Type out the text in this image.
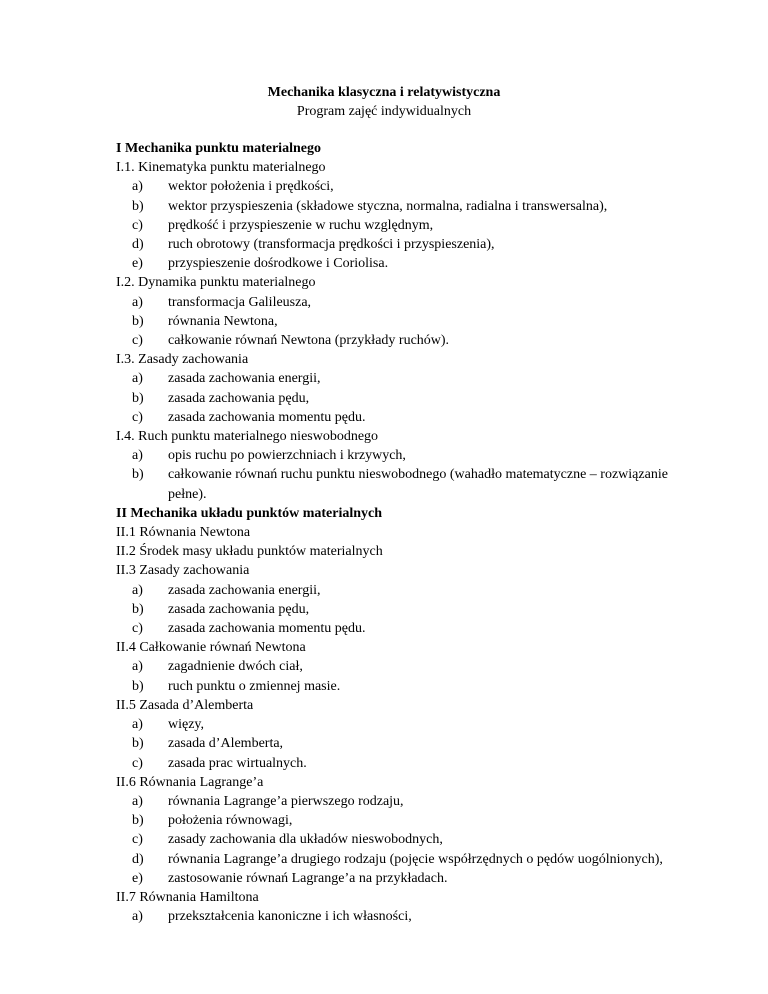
Mechanika klasyczna i relatywistyczna
Program zajęć indywidualnych
I Mechanika punktu materialnego
I.1. Kinematyka punktu materialnego
a) wektor położenia i prędkości,
b) wektor przyspieszenia (składowe styczna, normalna, radialna i transwersalna),
c) prędkość i przyspieszenie w ruchu względnym,
d) ruch obrotowy (transformacja prędkości i przyspieszenia),
e) przyspieszenie dośrodkowe i Coriolisa.
I.2. Dynamika punktu materialnego
a) transformacja Galileusza,
b) równania Newtona,
c) całkowanie równań Newtona (przykłady ruchów).
I.3. Zasady zachowania
a) zasada zachowania energii,
b) zasada zachowania pędu,
c) zasada zachowania momentu pędu.
I.4. Ruch punktu materialnego nieswobodnego
a) opis ruchu po powierzchniach i krzywych,
b) całkowanie równań ruchu punktu nieswobodnego (wahadło matematyczne – rozwiązanie
pełne).
II Mechanika układu punktów materialnych
II.1 Równania Newtona
II.2 Środek masy układu punktów materialnych
II.3 Zasady zachowania
a) zasada zachowania energii,
b) zasada zachowania pędu,
c) zasada zachowania momentu pędu.
II.4 Całkowanie równań Newtona
a) zagadnienie dwóch ciał,
b) ruch punktu o zmiennej masie.
II.5 Zasada d’Alemberta
a) więzy,
b) zasada d’Alemberta,
c) zasada prac wirtualnych.
II.6 Równania Lagrange’a
a) równania Lagrange’a pierwszego rodzaju,
b) położenia równowagi,
c) zasady zachowania dla układów nieswobodnych,
d) równania Lagrange’a drugiego rodzaju (pojęcie współrzędnych o pędów uogólnionych),
e) zastosowanie równań Lagrange’a na przykładach.
II.7 Równania Hamiltona
a) przekształcenia kanoniczne i ich własności,
